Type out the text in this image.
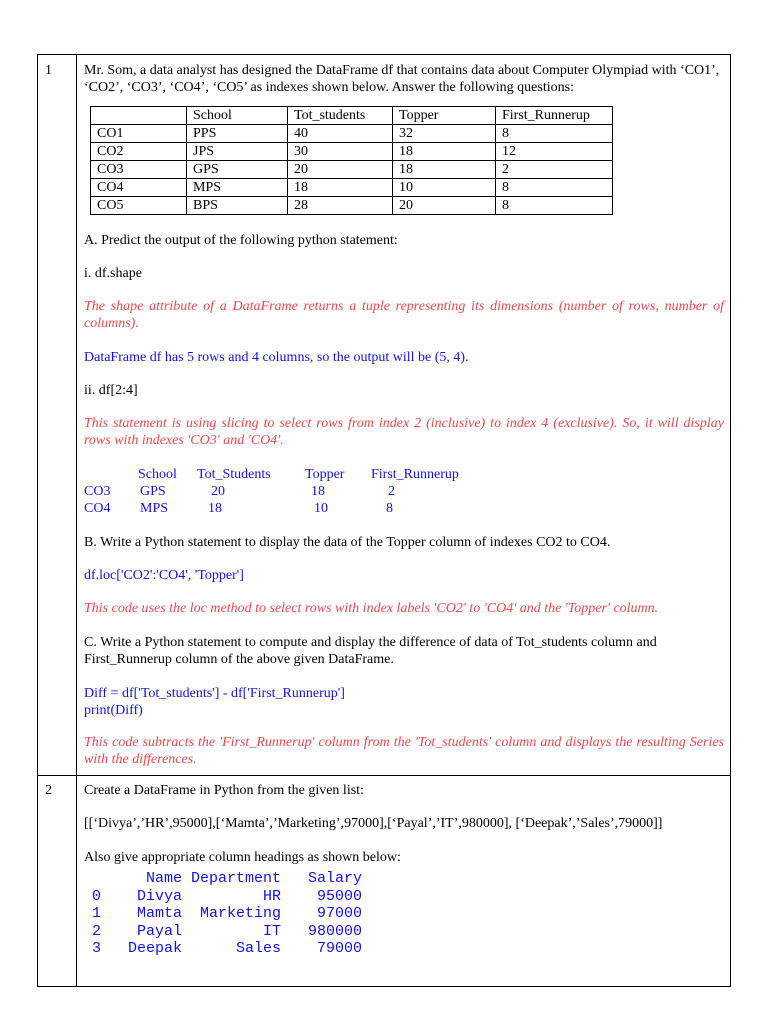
1 Mr. Som, a data analyst has designed the DataFrame df that contains data about Computer Olympiad with ‘CO1’, ‘CO2’, ‘CO3’, ‘CO4’, ‘CO5’ as indexes shown below. Answer the following questions:

	School	Tot_students	Topper	First_Runnerup
CO1	PPS	40	32	8
CO2	JPS	30	18	12
CO3	GPS	20	18	2
CO4	MPS	18	10	8
CO5	BPS	28	20	8

A. Predict the output of the following python statement:

i. df.shape

The shape attribute of a DataFrame returns a tuple representing its dimensions (number of rows, number of columns).

DataFrame df has 5 rows and 4 columns, so the output will be (5, 4).

ii. df[2:4]

This statement is using slicing to select rows from index 2 (inclusive) to index 4 (exclusive). So, it will display rows with indexes 'CO3' and 'CO4'.

School Tot_Students Topper First_Runnerup
CO3 GPS	20	18	2
CO4 MPS	18	10	8

B. Write a Python statement to display the data of the Topper column of indexes CO2 to CO4.

df.loc['CO2':'CO4', 'Topper']

This code uses the loc method to select rows with index labels 'CO2' to 'CO4' and the 'Topper' column.

C. Write a Python statement to compute and display the difference of data of Tot_students column and First_Runnerup column of the above given DataFrame.

Diff = df['Tot_students'] - df['First_Runnerup']

print(Diff)

This code subtracts the 'First_Runnerup' column from the 'Tot_students' column and displays the resulting Series with the differences.

2 Create a DataFrame in Python from the given list:

[[‘Divya’,’HR’,95000],[‘Mamta’,’Marketing’,97000],[‘Payal’,’IT’,980000], [‘Deepak’,’Sales’,79000]]

Also give appropriate column headings as shown below:

Name Department   Salary
0    Divya         HR    95000
1    Mamta  Marketing    97000
2    Payal         IT   980000
3   Deepak      Sales    79000
